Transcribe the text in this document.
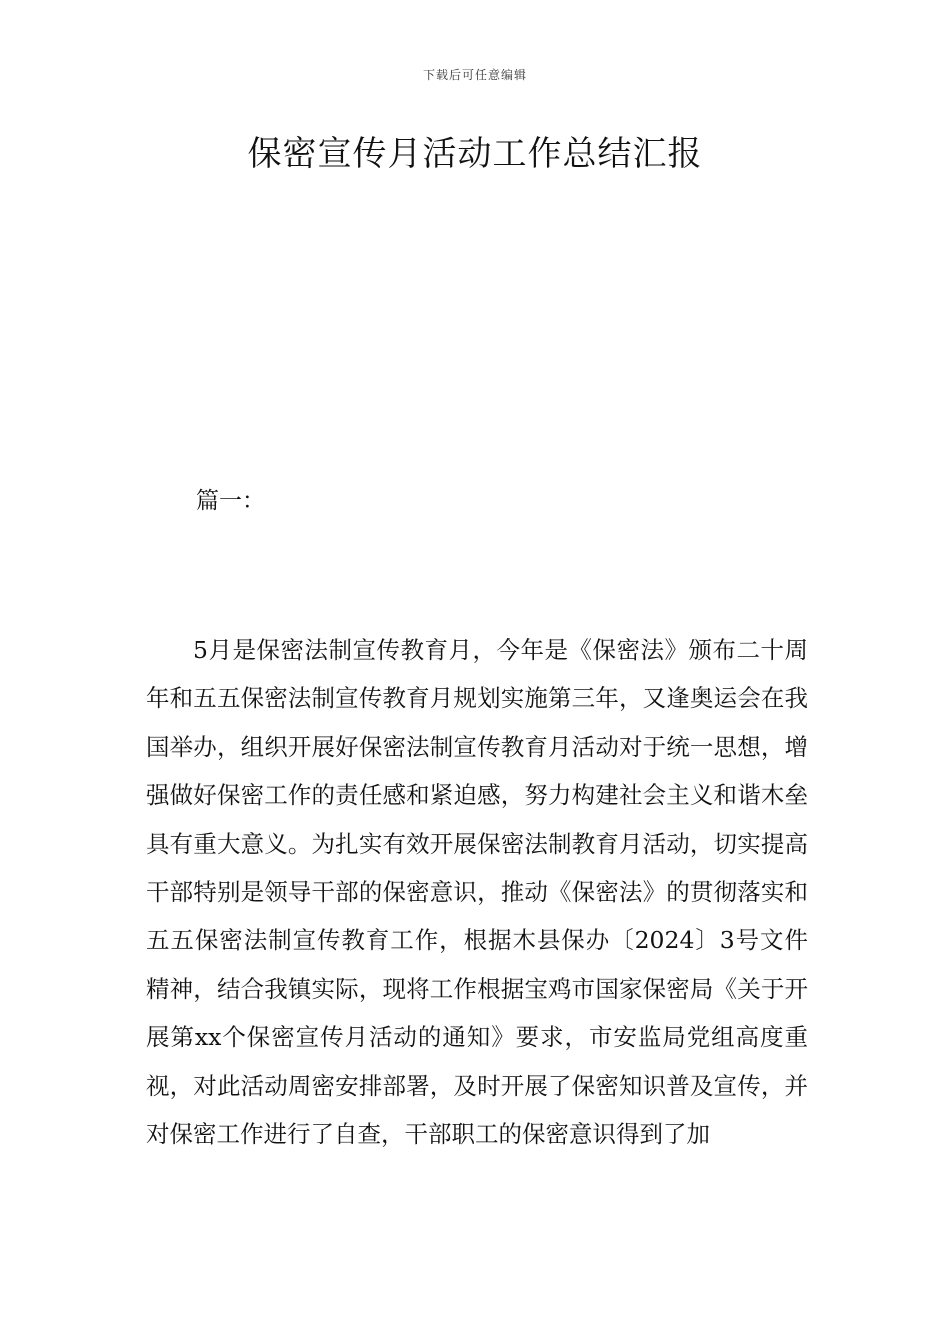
下载后可任意编辑
保密宣传月活动工作总结汇报
篇一：

5月是保密法制宣传教育月，今年是《保密法》颁布二十周年和五五保密法制宣传教育月规划实施第三年，又逢奥运会在我国举办，组织开展好保密法制宣传教育月活动对于统一思想，增强做好保密工作的责任感和紧迫感，努力构建社会主义和谐木垒具有重大意义。为扎实有效开展保密法制教育月活动，切实提高干部特别是领导干部的保密意识，推动《保密法》的贯彻落实和五五保密法制宣传教育工作，根据木县保办〔2024〕3号文件精神，结合我镇实际，现将工作根据宝鸡市国家保密局《关于开展第xx个保密宣传月活动的通知》要求，市安监局党组高度重视，对此活动周密安排部署，及时开展了保密知识普及宣传，并对保密工作进行了自查，干部职工的保密意识得到了加
